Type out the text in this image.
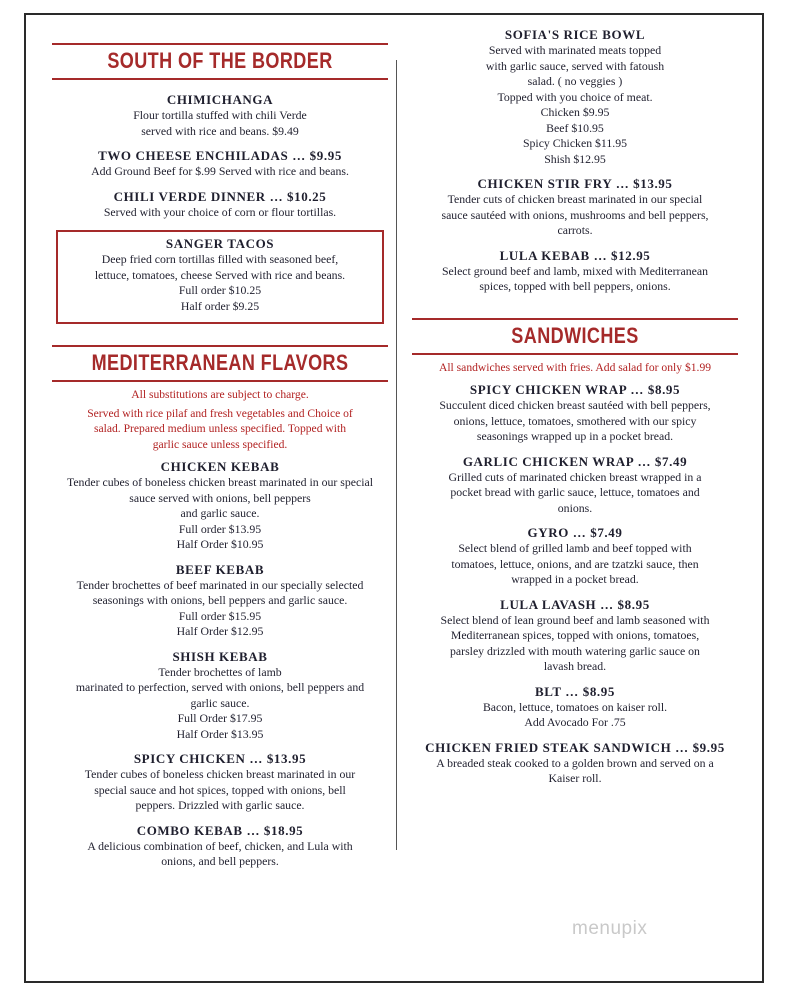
SOUTH OF THE BORDER
CHIMICHANGA
Flour tortilla stuffed with chili Verde
served with rice and beans. $9.49
TWO CHEESE ENCHILADAS … $9.95
Add Ground Beef for $.99 Served with rice and beans.
CHILI VERDE DINNER … $10.25
Served with your choice of corn or flour tortillas.
SANGER TACOS
Deep fried corn tortillas filled with seasoned beef,
lettuce, tomatoes, cheese Served with rice and beans.
Full order $10.25
Half order $9.25
MEDITERRANEAN FLAVORS
All substitutions are subject to charge.
Served with rice pilaf and fresh vegetables and Choice of
salad. Prepared medium unless specified. Topped with
garlic sauce unless specified.
CHICKEN KEBAB
Tender cubes of boneless chicken breast marinated in our special
sauce served with onions, bell peppers
and garlic sauce.
Full order $13.95
Half Order $10.95
BEEF KEBAB
Tender brochettes of beef marinated in our specially selected
seasonings with onions, bell peppers and garlic sauce.
Full order $15.95
Half Order $12.95
SHISH KEBAB
Tender brochettes of lamb
marinated to perfection, served with onions, bell peppers and
garlic sauce.
Full Order $17.95
Half Order $13.95
SPICY CHICKEN … $13.95
Tender cubes of boneless chicken breast marinated in our
special sauce and hot spices, topped with onions, bell
peppers. Drizzled with garlic sauce.
COMBO KEBAB … $18.95
A delicious combination of beef, chicken, and Lula with
onions, and bell peppers.
SOFIA'S RICE BOWL
Served with marinated meats topped
with garlic sauce, served with fatoush
salad. ( no veggies )
Topped with you choice of meat.
Chicken $9.95
Beef $10.95
Spicy Chicken $11.95
Shish $12.95
CHICKEN STIR FRY … $13.95
Tender cuts of chicken breast marinated in our special
sauce sautéed with onions, mushrooms and bell peppers,
carrots.
LULA KEBAB … $12.95
Select ground beef and lamb, mixed with Mediterranean
spices, topped with bell peppers, onions.
SANDWICHES
All sandwiches served with fries. Add salad for only $1.99
SPICY CHICKEN WRAP … $8.95
Succulent diced chicken breast sautéed with bell peppers,
onions, lettuce, tomatoes, smothered with our spicy
seasonings wrapped up in a pocket bread.
GARLIC CHICKEN WRAP … $7.49
Grilled cuts of marinated chicken breast wrapped in a
pocket bread with garlic sauce, lettuce, tomatoes and
onions.
GYRO … $7.49
Select blend of grilled lamb and beef topped with
tomatoes, lettuce, onions, and are tzatzki sauce, then
wrapped in a pocket bread.
LULA LAVASH … $8.95
Select blend of lean ground beef and lamb seasoned with
Mediterranean spices, topped with onions, tomatoes,
parsley drizzled with mouth watering garlic sauce on
lavash bread.
BLT … $8.95
Bacon, lettuce, tomatoes on kaiser roll.
Add Avocado For .75
CHICKEN FRIED STEAK SANDWICH … $9.95
A breaded steak cooked to a golden brown and served on a
Kaiser roll.
menupix
